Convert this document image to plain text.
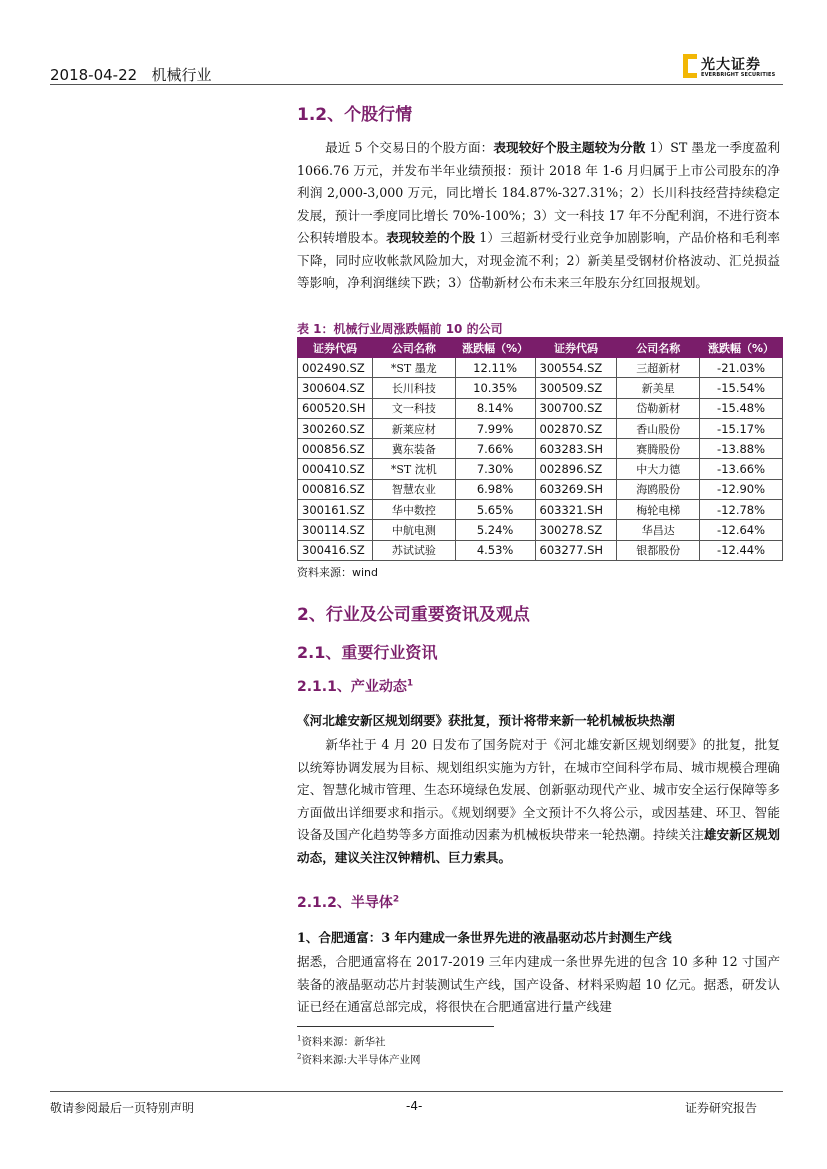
2018-04-22 机械行业
光大证券
EVERBRIGHT SECURITIES
1.2、个股行情
最近 5 个交易日的个股方面：表现较好个股主题较为分散 1）ST 墨龙一季度盈利 1066.76 万元，并发布半年业绩预报：预计 2018 年 1-6 月归属于上市公司股东的净利润 2,000-3,000 万元，同比增长 184.87%-327.31%；2）长川科技经营持续稳定发展，预计一季度同比增长 70%-100%；3）文一科技 17 年不分配利润，不进行资本公积转增股本。表现较差的个股 1）三超新材受行业竞争加剧影响，产品价格和毛利率下降，同时应收帐款风险加大，对现金流不利；2）新美星受钢材价格波动、汇兑损益等影响，净利润继续下跌；3）岱勒新材公布未来三年股东分红回报规划。
表 1：机械行业周涨跌幅前 10 的公司
证券代码	公司名称	涨跌幅（%）	证券代码	公司名称	涨跌幅（%）
002490.SZ	*ST 墨龙	12.11%	300554.SZ	三超新材	-21.03%
300604.SZ	长川科技	10.35%	300509.SZ	新美星	-15.54%
600520.SH	文一科技	8.14%	300700.SZ	岱勒新材	-15.48%
300260.SZ	新莱应材	7.99%	002870.SZ	香山股份	-15.17%
000856.SZ	冀东装备	7.66%	603283.SH	赛腾股份	-13.88%
000410.SZ	*ST 沈机	7.30%	002896.SZ	中大力德	-13.66%
000816.SZ	智慧农业	6.98%	603269.SH	海鸥股份	-12.90%
300161.SZ	华中数控	5.65%	603321.SH	梅轮电梯	-12.78%
300114.SZ	中航电测	5.24%	300278.SZ	华昌达	-12.64%
300416.SZ	苏试试验	4.53%	603277.SH	银都股份	-12.44%
资料来源：wind
2、行业及公司重要资讯及观点
2.1、重要行业资讯
2.1.1、产业动态$^1$
《河北雄安新区规划纲要》获批复，预计将带来新一轮机械板块热潮
新华社于 4 月 20 日发布了国务院对于《河北雄安新区规划纲要》的批复，批复以统筹协调发展为目标、规划组织实施为方针，在城市空间科学布局、城市规模合理确定、智慧化城市管理、生态环境绿色发展、创新驱动现代产业、城市安全运行保障等多方面做出详细要求和指示。《规划纲要》全文预计不久将公示，或因基建、环卫、智能设备及国产化趋势等多方面推动因素为机械板块带来一轮热潮。持续关注雄安新区规划动态，建议关注汉钟精机、巨力索具。
2.1.2、半导体$^2$
1、合肥通富：3 年内建成一条世界先进的液晶驱动芯片封测生产线
据悉，合肥通富将在 2017-2019 三年内建成一条世界先进的包含 10 多种 12 寸国产装备的液晶驱动芯片封装测试生产线，国产设备、材料采购超 10 亿元。据悉，研发认证已经在通富总部完成，将很快在合肥通富进行量产线建
$^1$资料来源：新华社
$^2$资料来源:大半导体产业网
敬请参阅最后一页特别声明	-4-	证券研究报告
